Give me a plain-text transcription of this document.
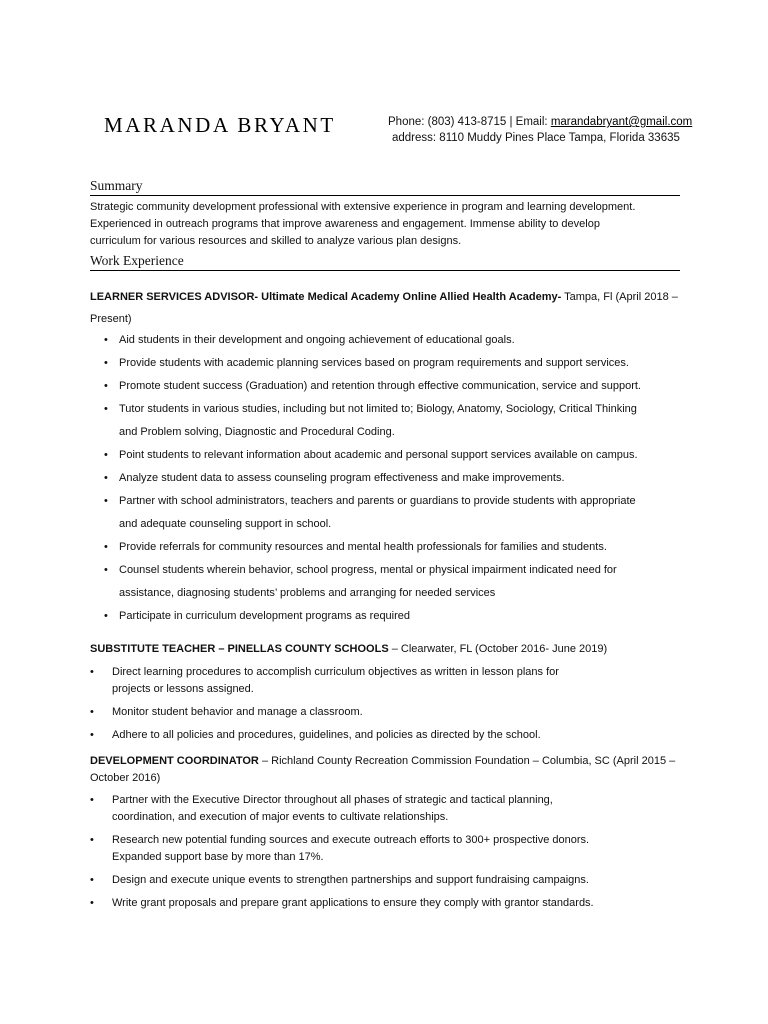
MARANDA BRYANT	Phone: (803) 413-8715 | Email: marandabryant@gmail.com
address: 8110 Muddy Pines Place Tampa, Florida 33635
Summary
Strategic community development professional with extensive experience in program and learning development.
Experienced in outreach programs that improve awareness and engagement. Immense ability to develop
curriculum for various resources and skilled to analyze various plan designs.
Work Experience
LEARNER SERVICES ADVISOR- Ultimate Medical Academy Online Allied Health Academy- Tampa, Fl (April 2018 –
Present)
• Aid students in their development and ongoing achievement of educational goals.
• Provide students with academic planning services based on program requirements and support services.
• Promote student success (Graduation) and retention through effective communication, service and support.
• Tutor students in various studies, including but not limited to; Biology, Anatomy, Sociology, Critical Thinking
and Problem solving, Diagnostic and Procedural Coding.
• Point students to relevant information about academic and personal support services available on campus.
• Analyze student data to assess counseling program effectiveness and make improvements.
• Partner with school administrators, teachers and parents or guardians to provide students with appropriate
and adequate counseling support in school.
• Provide referrals for community resources and mental health professionals for families and students.
• Counsel students wherein behavior, school progress, mental or physical impairment indicated need for
assistance, diagnosing students’ problems and arranging for needed services
• Participate in curriculum development programs as required
SUBSTITUTE TEACHER – PINELLAS COUNTY SCHOOLS – Clearwater, FL (October 2016- June 2019)
• Direct learning procedures to accomplish curriculum objectives as written in lesson plans for
projects or lessons assigned.
• Monitor student behavior and manage a classroom.
• Adhere to all policies and procedures, guidelines, and policies as directed by the school.
DEVELOPMENT COORDINATOR – Richland County Recreation Commission Foundation – Columbia, SC (April 2015 –
October 2016)
• Partner with the Executive Director throughout all phases of strategic and tactical planning,
coordination, and execution of major events to cultivate relationships.
• Research new potential funding sources and execute outreach efforts to 300+ prospective donors.
Expanded support base by more than 17%.
• Design and execute unique events to strengthen partnerships and support fundraising campaigns.
• Write grant proposals and prepare grant applications to ensure they comply with grantor standards.
